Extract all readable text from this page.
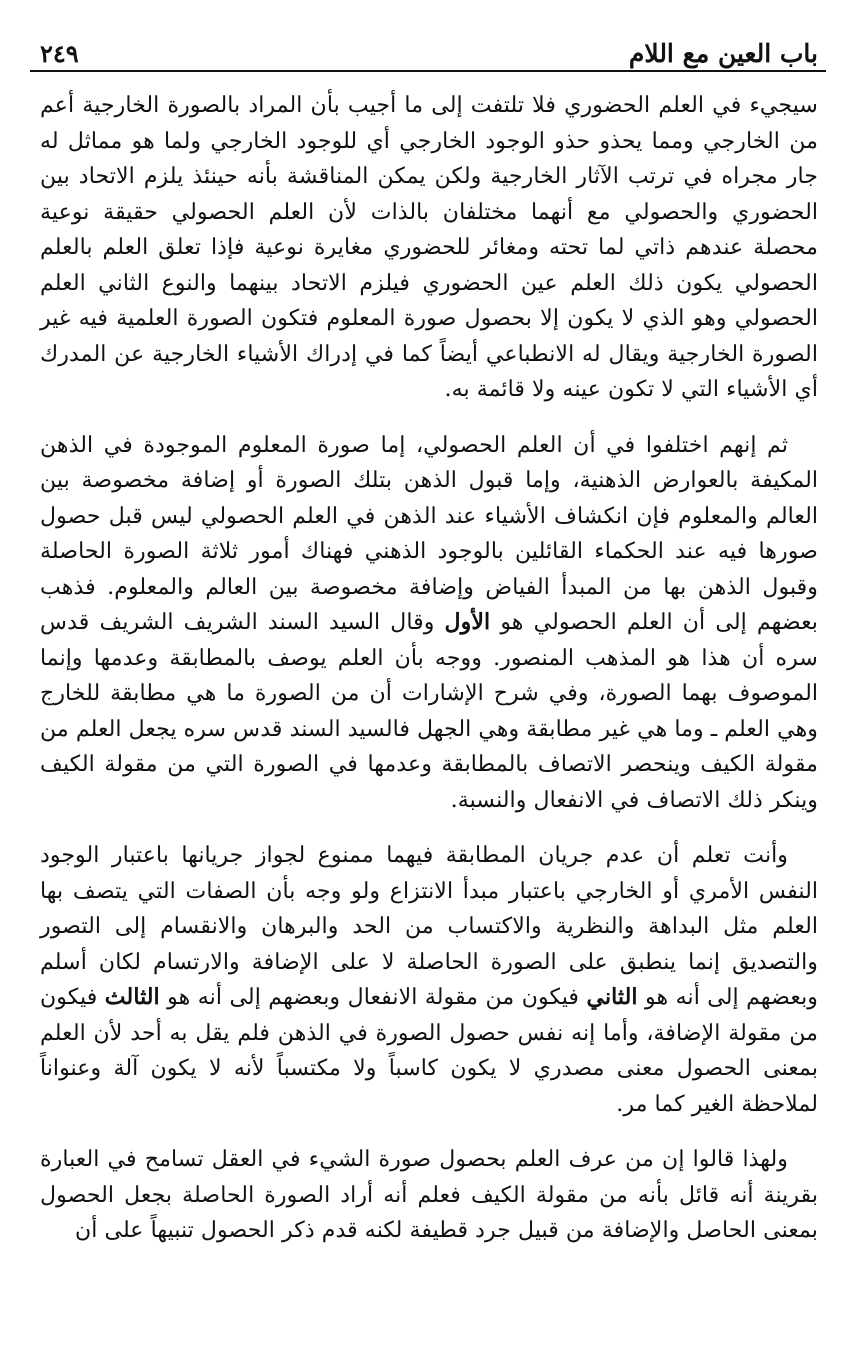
باب العين مع اللام
٢٤٩

سيجيء في العلم الحضوري فلا تلتفت إلى ما أجيب بأن المراد بالصورة الخارجية أعم من الخارجي ومما يحذو حذو الوجود الخارجي أي للوجود الخارجي ولما هو مماثل له جار مجراه في ترتب الآثار الخارجية ولكن يمكن المناقشة بأنه حينئذ يلزم الاتحاد بين الحضوري والحصولي مع أنهما مختلفان بالذات لأن العلم الحصولي حقيقة نوعية محصلة عندهم ذاتي لما تحته ومغائر للحضوري مغايرة نوعية فإذا تعلق العلم بالعلم الحصولي يكون ذلك العلم عين الحضوري فيلزم الاتحاد بينهما والنوع الثاني العلم الحصولي وهو الذي لا يكون إلا بحصول صورة المعلوم فتكون الصورة العلمية فيه غير الصورة الخارجية ويقال له الانطباعي أيضاً كما في إدراك الأشياء الخارجية عن المدرك أي الأشياء التي لا تكون عينه ولا قائمة به.

ثم إنهم اختلفوا في أن العلم الحصولي، إما صورة المعلوم الموجودة في الذهن المكيفة بالعوارض الذهنية، وإما قبول الذهن بتلك الصورة أو إضافة مخصوصة بين العالم والمعلوم فإن انكشاف الأشياء عند الذهن في العلم الحصولي ليس قبل حصول صورها فيه عند الحكماء القائلين بالوجود الذهني فهناك أمور ثلاثة الصورة الحاصلة وقبول الذهن بها من المبدأ الفياض وإضافة مخصوصة بين العالم والمعلوم. فذهب بعضهم إلى أن العلم الحصولي هو الأول وقال السيد السند الشريف الشريف قدس سره أن هذا هو المذهب المنصور. ووجه بأن العلم يوصف بالمطابقة وعدمها وإنما الموصوف بهما الصورة، وفي شرح الإشارات أن من الصورة ما هي مطابقة للخارج وهي العلم ـ وما هي غير مطابقة وهي الجهل فالسيد السند قدس سره يجعل العلم من مقولة الكيف وينحصر الاتصاف بالمطابقة وعدمها في الصورة التي من مقولة الكيف وينكر ذلك الاتصاف في الانفعال والنسبة.

وأنت تعلم أن عدم جريان المطابقة فيهما ممنوع لجواز جريانها باعتبار الوجود النفس الأمري أو الخارجي باعتبار مبدأ الانتزاع ولو وجه بأن الصفات التي يتصف بها العلم مثل البداهة والنظرية والاكتساب من الحد والبرهان والانقسام إلى التصور والتصديق إنما ينطبق على الصورة الحاصلة لا على الإضافة والارتسام لكان أسلم وبعضهم إلى أنه هو الثاني فيكون من مقولة الانفعال وبعضهم إلى أنه هو الثالث فيكون من مقولة الإضافة، وأما إنه نفس حصول الصورة في الذهن فلم يقل به أحد لأن العلم بمعنى الحصول معنى مصدري لا يكون كاسباً ولا مكتسباً لأنه لا يكون آلة وعنواناً لملاحظة الغير كما مر.

ولهذا قالوا إن من عرف العلم بحصول صورة الشيء في العقل تسامح في العبارة بقرينة أنه قائل بأنه من مقولة الكيف فعلم أنه أراد الصورة الحاصلة بجعل الحصول بمعنى الحاصل والإضافة من قبيل جرد قطيفة لكنه قدم ذكر الحصول تنبيهاً على أن
